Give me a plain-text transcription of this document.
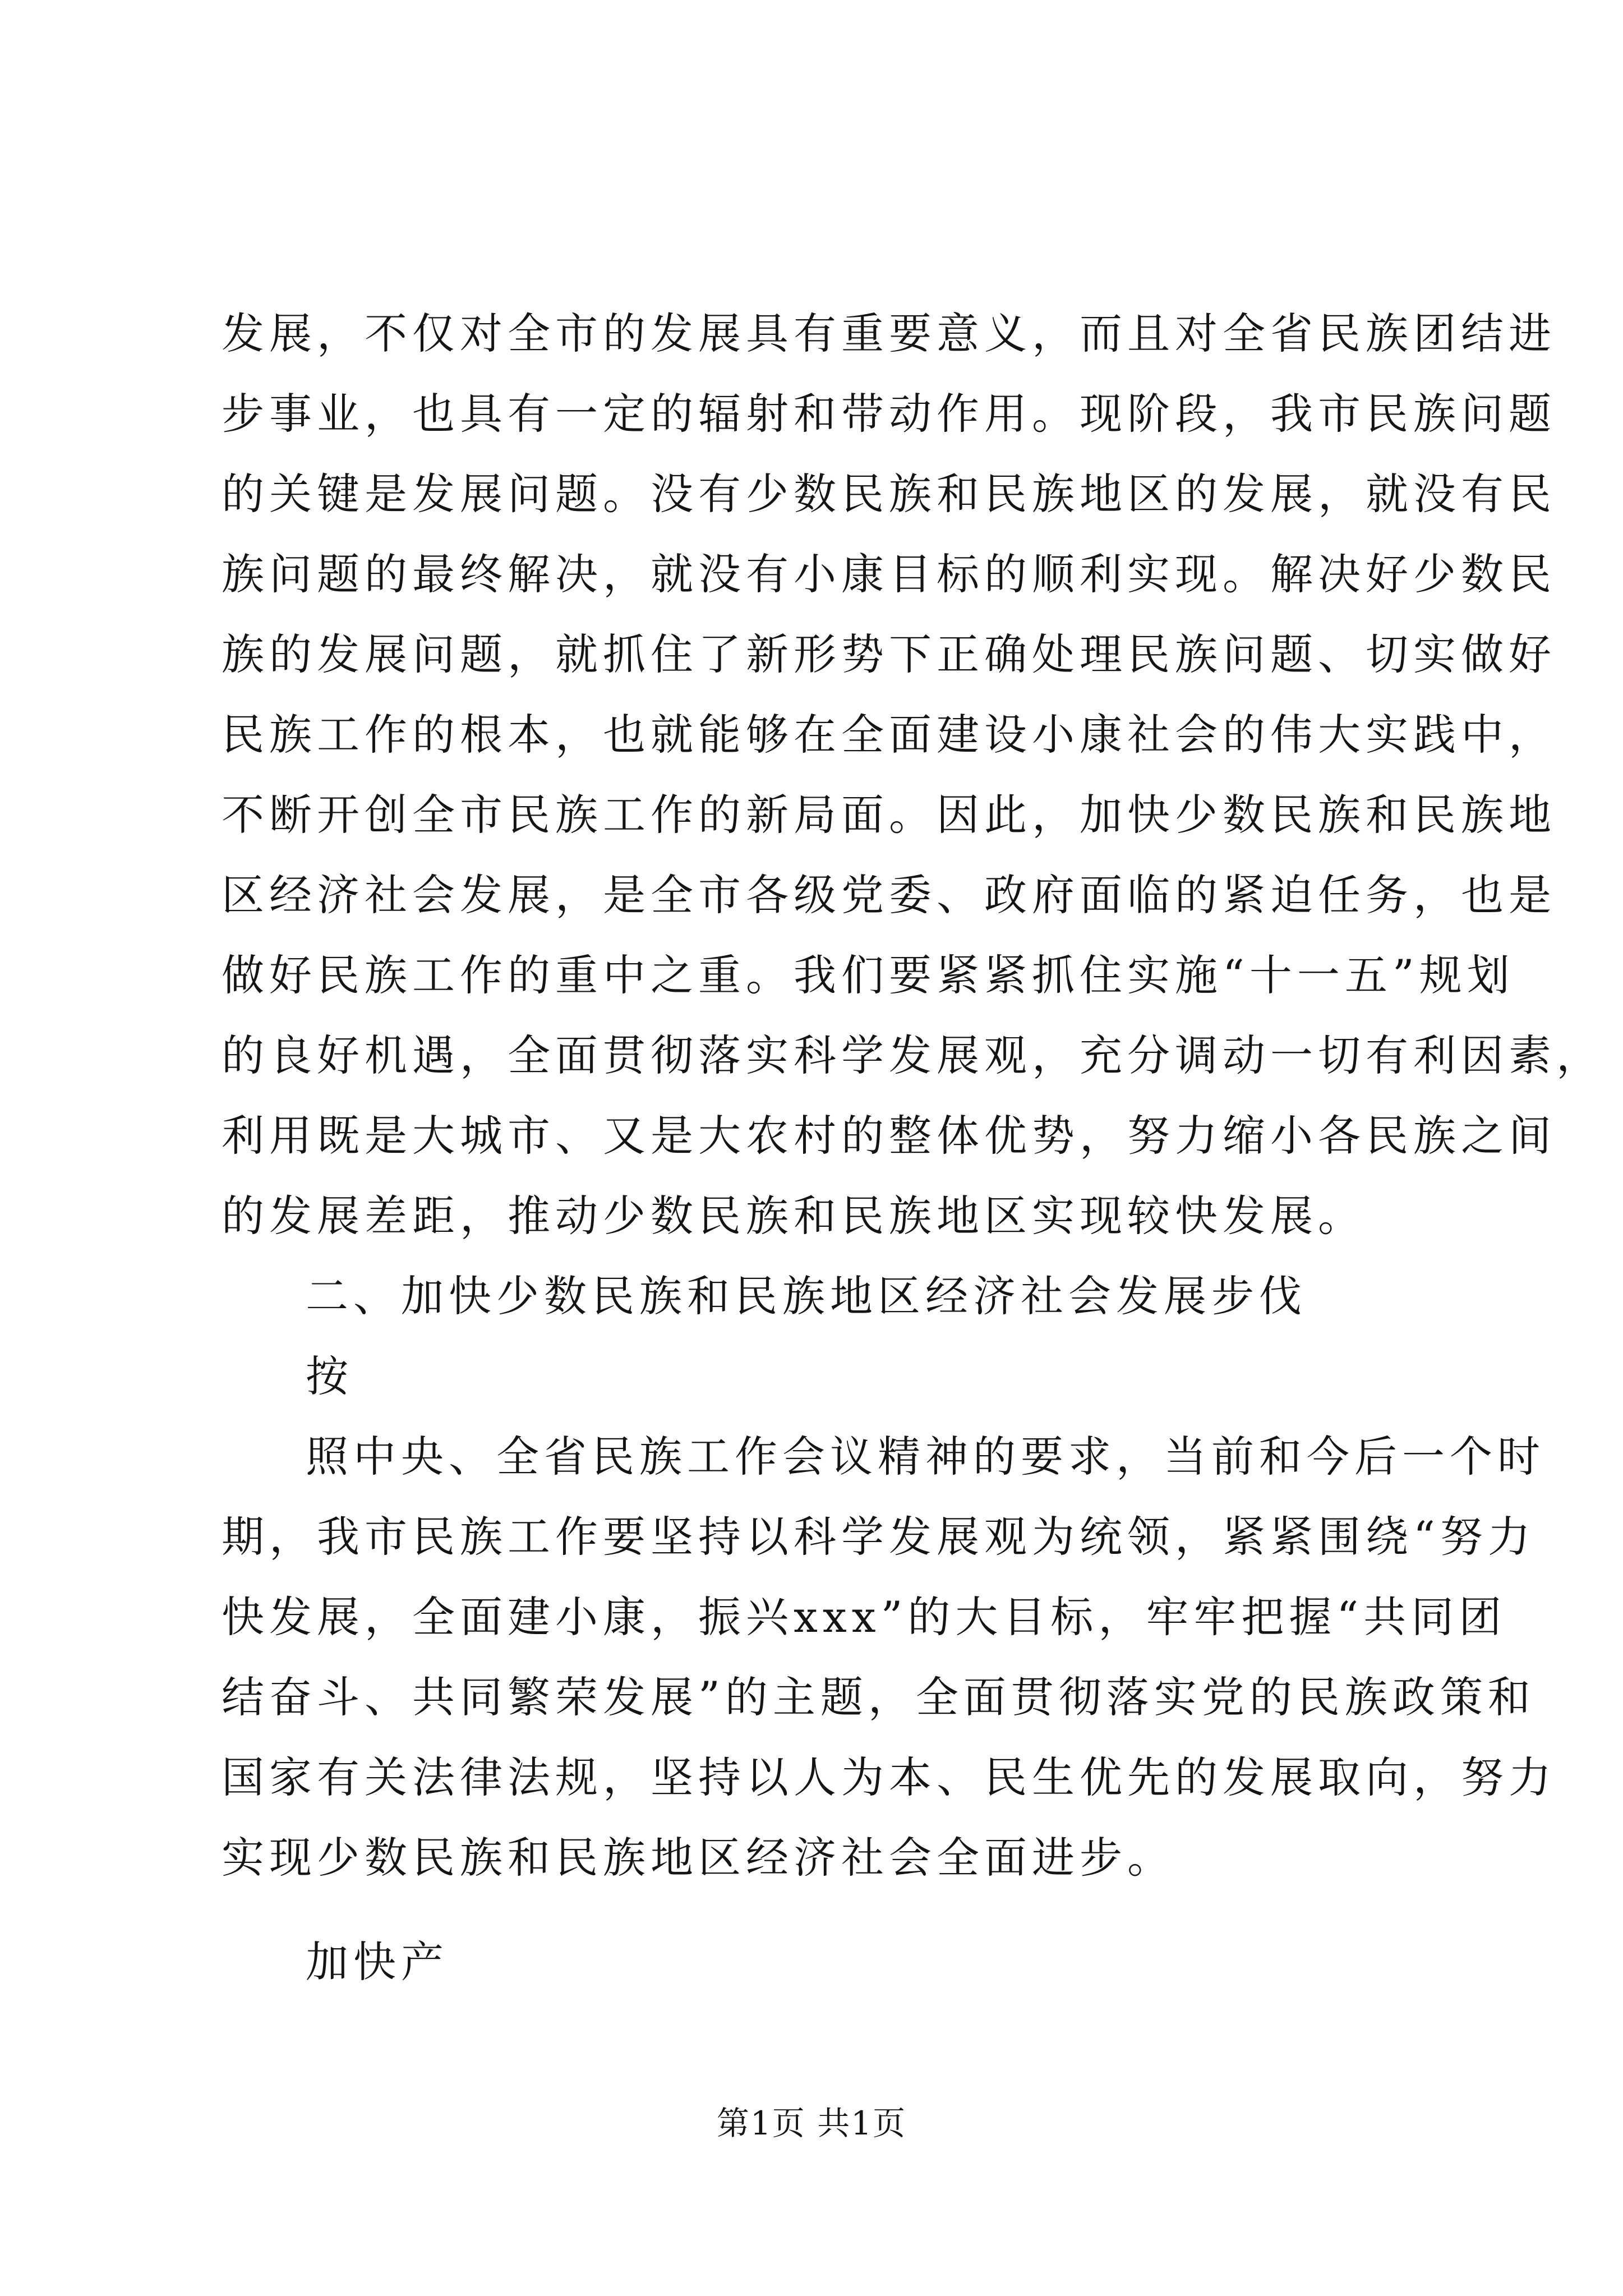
发展，不仅对全市的发展具有重要意义，而且对全省民族团结进
步事业，也具有一定的辐射和带动作用。现阶段，我市民族问题
的关键是发展问题。没有少数民族和民族地区的发展，就没有民
族问题的最终解决，就没有小康目标的顺利实现。解决好少数民
族的发展问题，就抓住了新形势下正确处理民族问题、切实做好
民族工作的根本，也就能够在全面建设小康社会的伟大实践中，
不断开创全市民族工作的新局面。因此，加快少数民族和民族地
区经济社会发展，是全市各级党委、政府面临的紧迫任务，也是
做好民族工作的重中之重。我们要紧紧抓住实施“十一五”规划
的良好机遇，全面贯彻落实科学发展观，充分调动一切有利因素，
利用既是大城市、又是大农村的整体优势，努力缩小各民族之间
的发展差距，推动少数民族和民族地区实现较快发展。
二、加快少数民族和民族地区经济社会发展步伐
按
照中央、全省民族工作会议精神的要求，当前和今后一个时
期，我市民族工作要坚持以科学发展观为统领，紧紧围绕“努力
快发展，全面建小康，振兴xxx”的大目标，牢牢把握“共同团
结奋斗、共同繁荣发展”的主题，全面贯彻落实党的民族政策和
国家有关法律法规，坚持以人为本、民生优先的发展取向，努力
实现少数民族和民族地区经济社会全面进步。
加快产
第1页 共1页
